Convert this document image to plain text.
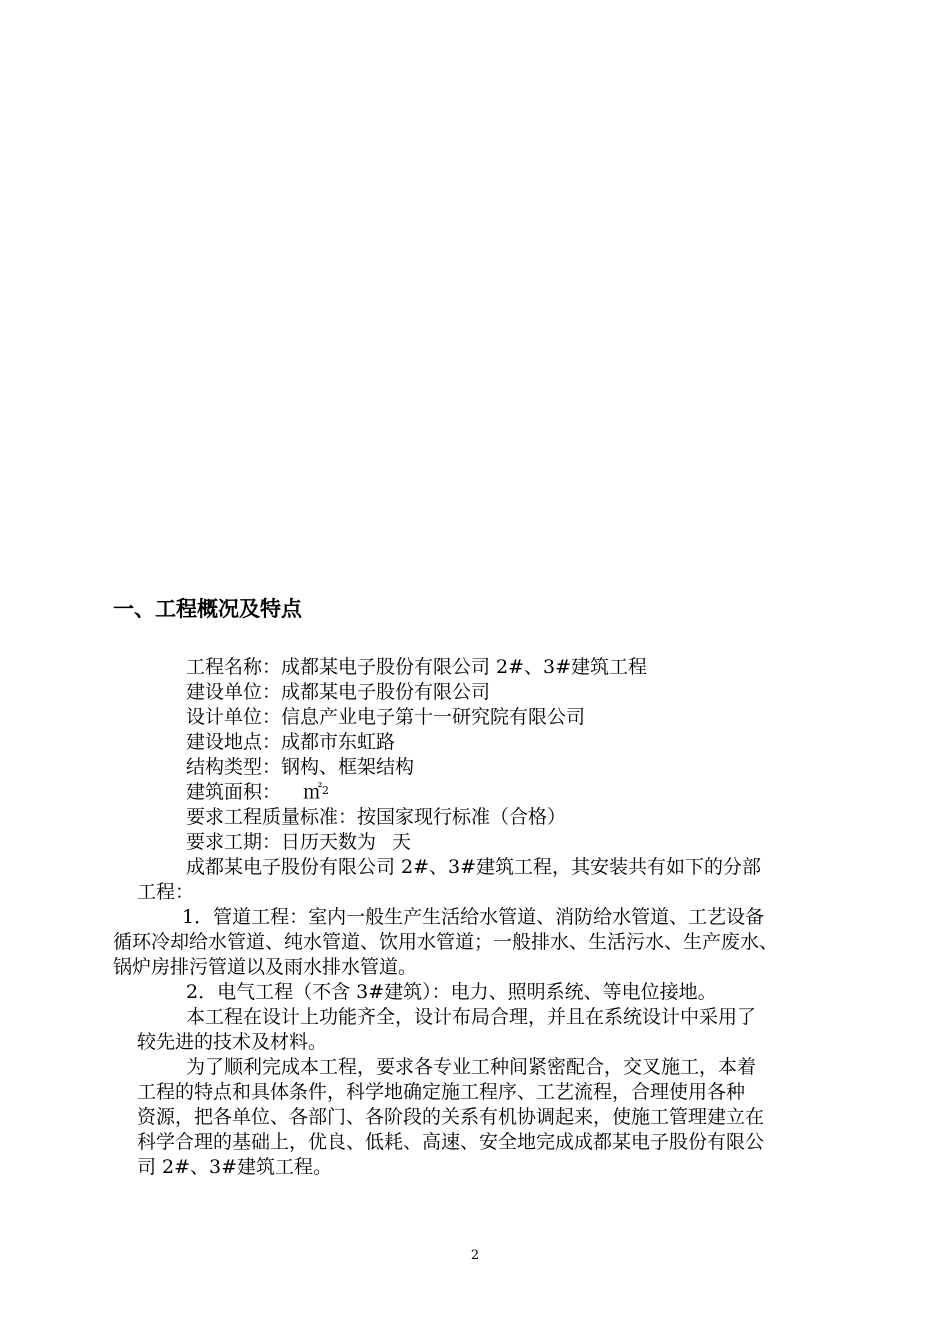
一、工程概况及特点

工程名称：成都某电子股份有限公司 2#、3#建筑工程

建设单位：成都某电子股份有限公司

设计单位：信息产业电子第十一研究院有限公司

建设地点：成都市东虹路

结构类型：钢构、框架结构

建筑面积： ㎡$^2$

要求工程质量标准：按国家现行标准（合格）

要求工期：日历天数为 天

成都某电子股份有限公司 2#、3#建筑工程，其安装共有如下的分部

工程：

1．管道工程：室内一般生产生活给水管道、消防给水管道、工艺设备

循环冷却给水管道、纯水管道、饮用水管道；一般排水、生活污水、生产废水、

锅炉房排污管道以及雨水排水管道。

2．电气工程（不含 3#建筑）：电力、照明系统、等电位接地。

本工程在设计上功能齐全，设计布局合理，并且在系统设计中采用了

较先进的技术及材料。

为了顺利完成本工程，要求各专业工种间紧密配合，交叉施工，本着

工程的特点和具体条件，科学地确定施工程序、工艺流程，合理使用各种

资源，把各单位、各部门、各阶段的关系有机协调起来，使施工管理建立在

科学合理的基础上，优良、低耗、高速、安全地完成成都某电子股份有限公

司 2#、3#建筑工程。

2
